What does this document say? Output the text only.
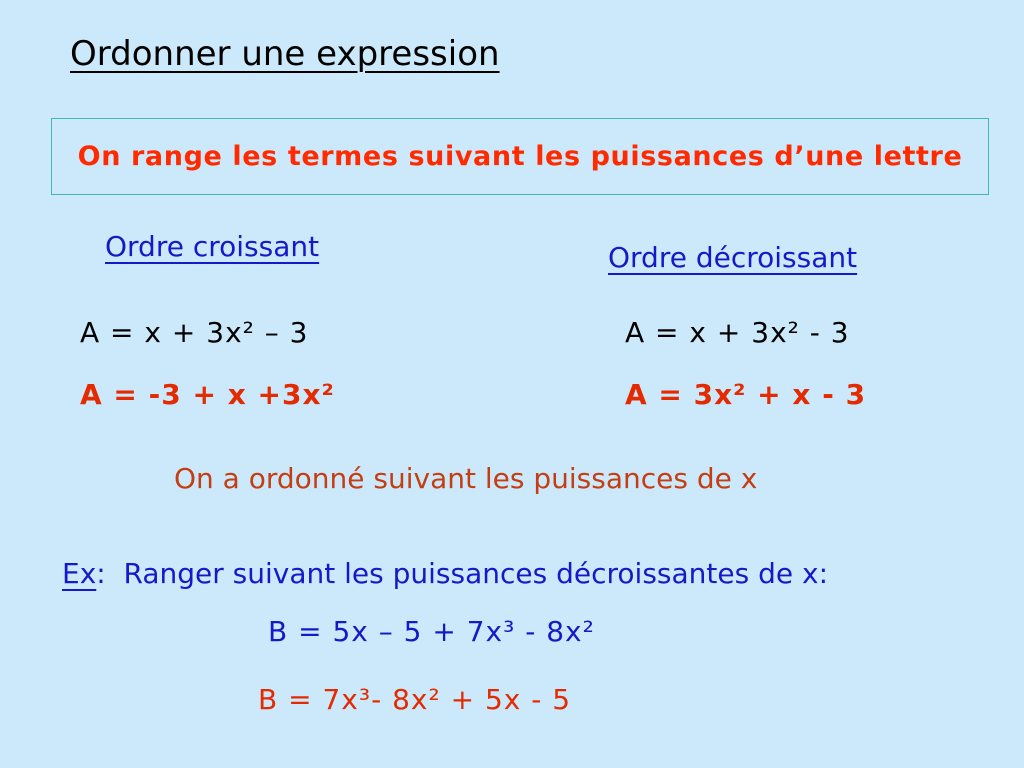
Ordonner une expression
On range les termes suivant les puissances d’une lettre
Ordre croissant	Ordre décroissant
A = x + 3x² – 3
A = -3 + x +3x²
A = x + 3x² - 3
A = 3x² + x - 3
On a ordonné suivant les puissances de x
Ex: Ranger suivant les puissances décroissantes de x:
B = 5x – 5 + 7x³ - 8x²
B = 7x³- 8x² + 5x - 5
